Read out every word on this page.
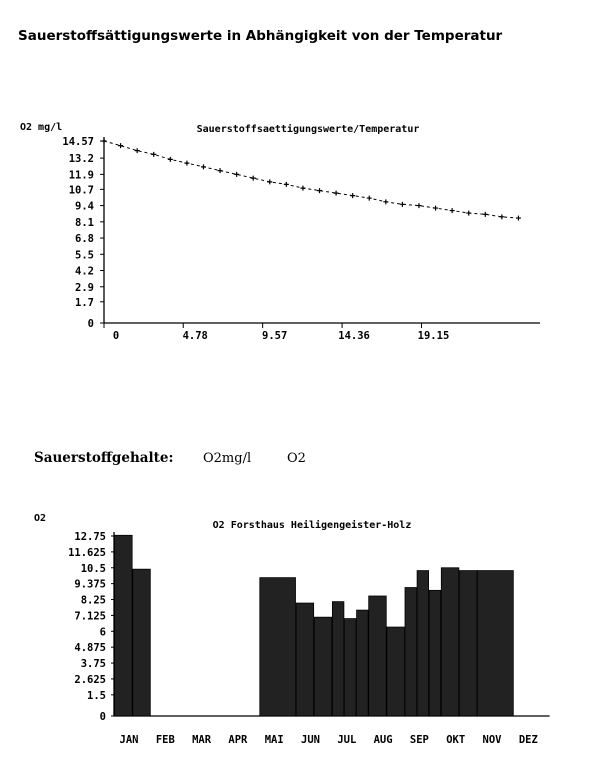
Sauerstoffsättigungswerte in Abhängigkeit von der Temperatur
O2 mg/l	Sauerstoffsaettigungswerte/Temperatur
14.57
13.2
11.9
10.7
9.4
8.1
6.8
5.5
4.2
2.9
1.7
0
0	4.78	9.57	14.36	19.15
O2
O2 Forsthaus Heiligengeister-Holz
12.75
11.625
10.5
9.375
8.25
7.125
6
4.875
3.75
2.625
1.5
0
JAN FEB MAR APR MAI JUN JUL AUG SEP OKT NOV DEZ
Sauerstoffgehalte: O2mg/l	O2
